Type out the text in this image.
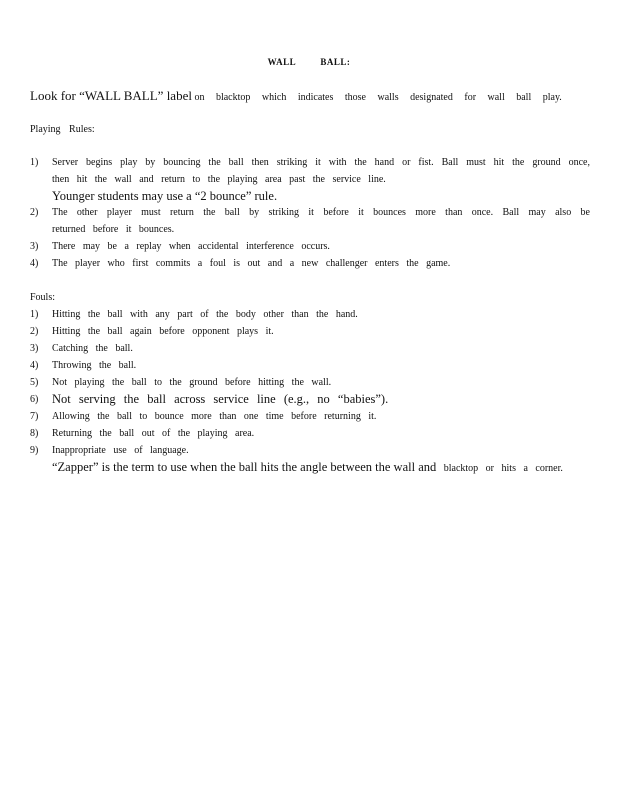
WALL BALL:
Look for “WALL BALL” label on blacktop which indicates those walls designated for wall ball play.
Playing Rules:
1) Server begins play by bouncing the ball then striking it with the hand or fist. Ball must hit the ground once, then hit the wall and return to the playing area past the service line.
Younger students may use a “2 bounce” rule.
2) The other player must return the ball by striking it before it bounces more than once. Ball may also be returned before it bounces.
3) There may be a replay when accidental interference occurs.
4) The player who first commits a foul is out and a new challenger enters the game.
Fouls:
1) Hitting the ball with any part of the body other than the hand.
2) Hitting the ball again before opponent plays it.
3) Catching the ball.
4) Throwing the ball.
5) Not playing the ball to the ground before hitting the wall.
6) Not serving the ball across service line (e.g., no “babies”).
7) Allowing the ball to bounce more than one time before returning it.
8) Returning the ball out of the playing area.
9) Inappropriate use of language.
“Zapper” is the term to use when the ball hits the angle between the wall and blacktop or hits a corner.
